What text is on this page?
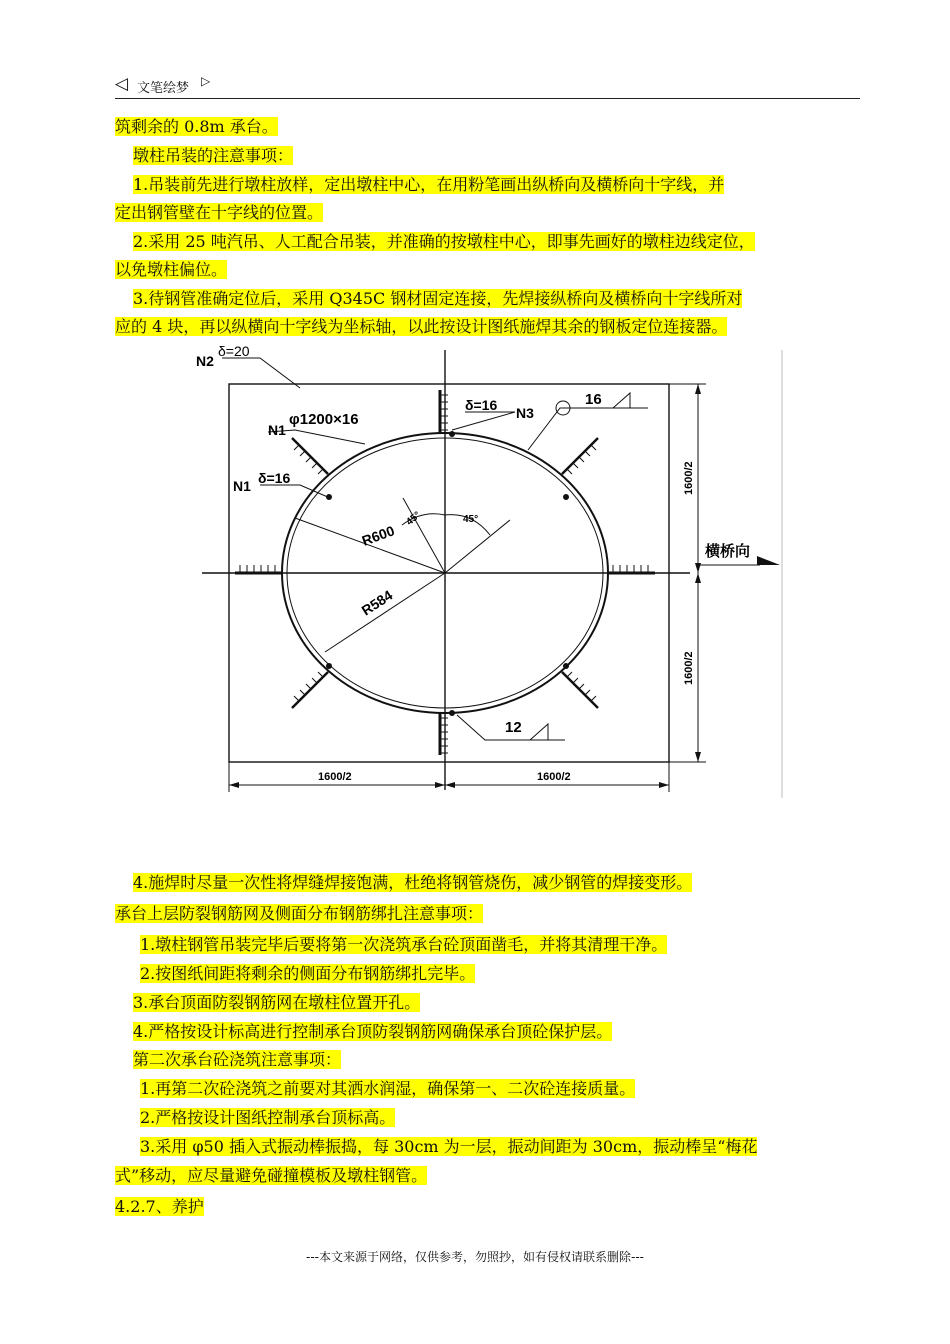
◁ 文笔绘梦 ▷
筑剩余的 0.8m 承台。
墩柱吊装的注意事项：
1.吊装前先进行墩柱放样，定出墩柱中心，在用粉笔画出纵桥向及横桥向十字线，并
定出钢管壁在十字线的位置。
2.采用 25 吨汽吊、人工配合吊装，并准确的按墩柱中心，即事先画好的墩柱边线定位，
以免墩柱偏位。
3.待钢管准确定位后，采用 Q345C 钢材固定连接，先焊接纵桥向及横桥向十字线所对
应的 4 块，再以纵横向十字线为坐标轴，以此按设计图纸施焊其余的钢板定位连接器。
N2
δ=20
N1
φ1200×16
δ=16 N3
16
N1 δ=16
45°	45°
R600
R584
1600/2
1600/2
1600/2	1600/2
横桥向
12
4.施焊时尽量一次性将焊缝焊接饱满，杜绝将钢管烧伤，减少钢管的焊接变形。
承台上层防裂钢筋网及侧面分布钢筋绑扎注意事项：
1.墩柱钢管吊装完毕后要将第一次浇筑承台砼顶面凿毛，并将其清理干净。
2.按图纸间距将剩余的侧面分布钢筋绑扎完毕。
3.承台顶面防裂钢筋网在墩柱位置开孔。
4.严格按设计标高进行控制承台顶防裂钢筋网确保承台顶砼保护层。
第二次承台砼浇筑注意事项：
1.再第二次砼浇筑之前要对其洒水润湿，确保第一、二次砼连接质量。
2.严格按设计图纸控制承台顶标高。
3.采用 φ50 插入式振动棒振捣，每 30cm 为一层，振动间距为 30cm，振动棒呈“梅花
式”移动，应尽量避免碰撞模板及墩柱钢管。
4.2.7、养护
---本文来源于网络，仅供参考，勿照抄，如有侵权请联系删除---
